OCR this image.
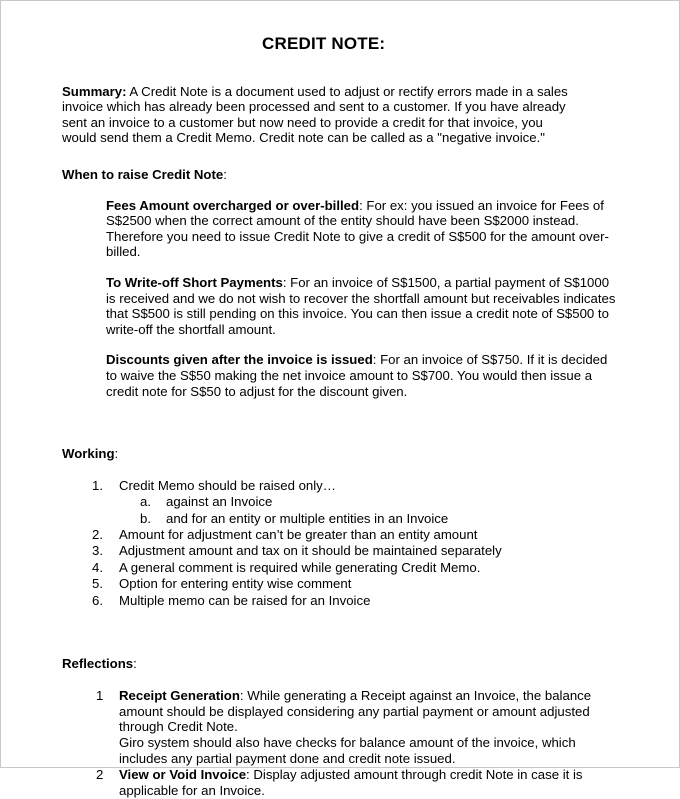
CREDIT NOTE:

Summary: A Credit Note is a document used to adjust or rectify errors made in a sales invoice which has already been processed and sent to a customer. If you have already sent an invoice to a customer but now need to provide a credit for that invoice, you would send them a Credit Memo. Credit note can be called as a "negative invoice."

When to raise Credit Note:

Fees Amount overcharged or over-billed: For ex: you issued an invoice for Fees of S$2500 when the correct amount of the entity should have been S$2000 instead. Therefore you need to issue Credit Note to give a credit of S$500 for the amount over-billed.

To Write-off Short Payments: For an invoice of S$1500, a partial payment of S$1000 is received and we do not wish to recover the shortfall amount but receivables indicates that S$500 is still pending on this invoice. You can then issue a credit note of S$500 to write-off the shortfall amount.

Discounts given after the invoice is issued: For an invoice of S$750. If it is decided to waive the S$50 making the net invoice amount to S$700. You would then issue a credit note for S$50 to adjust for the discount given.

Working:

1.	Credit Memo should be raised only…
a.	against an Invoice
b.	and for an entity or multiple entities in an Invoice
2.	Amount for adjustment can’t be greater than an entity amount
3.	Adjustment amount and tax on it should be maintained separately
4.	A general comment is required while generating Credit Memo.
5.	Option for entering entity wise comment
6.	Multiple memo can be raised for an Invoice

Reflections:

1	Receipt Generation: While generating a Receipt against an Invoice, the balance amount should be displayed considering any partial payment or amount adjusted through Credit Note.
Giro system should also have checks for balance amount of the invoice, which includes any partial payment done and credit note issued.
2	View or Void Invoice: Display adjusted amount through credit Note in case it is applicable for an Invoice.
